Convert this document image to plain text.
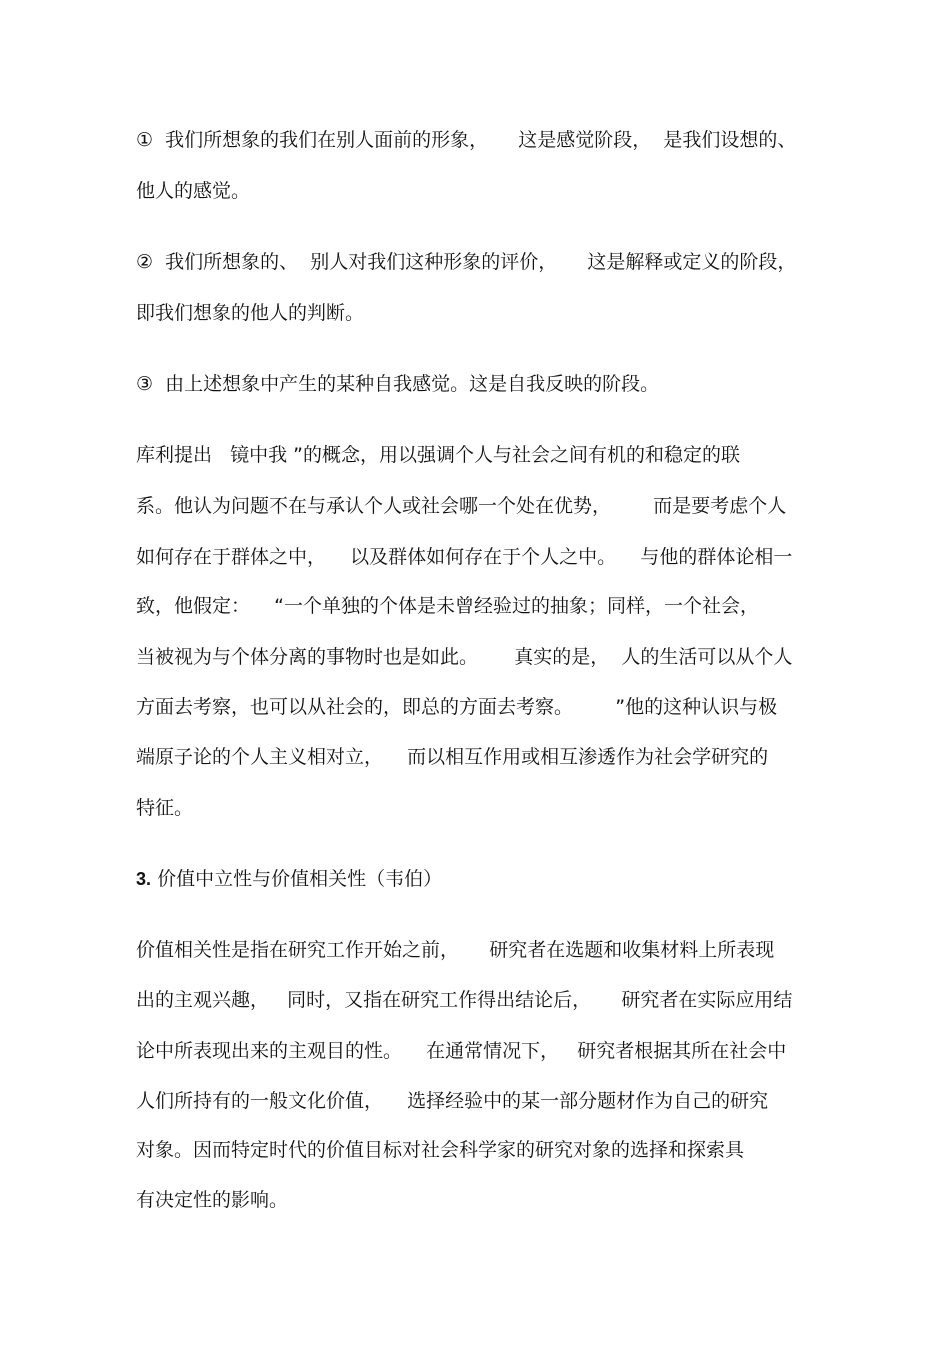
①  我们所想象的我们在别人面前的形象，     这是感觉阶段，  是我们设想的、
他人的感觉。
②  我们所想象的、  别人对我们这种形象的评价，     这是解释或定义的阶段，
即我们想象的他人的判断。
③  由上述想象中产生的某种自我感觉。这是自我反映的阶段。
库利提出   镜中我 ”的概念，用以强调个人与社会之间有机的和稳定的联
系。他认为问题不在与承认个人或社会哪一个处在优势，       而是要考虑个人
如何存在于群体之中，    以及群体如何存在于个人之中。    与他的群体论相一
致，他假定：    “一个单独的个体是未曾经验过的抽象；同样，一个社会，
当被视为与个体分离的事物时也是如此。      真实的是，  人的生活可以从个人
方面去考察，也可以从社会的，即总的方面去考察。       ”他的这种认识与极
端原子论的个人主义相对立，    而以相互作用或相互渗透作为社会学研究的
特征。
3. 价值中立性与价值相关性（韦伯）
价值相关性是指在研究工作开始之前，     研究者在选题和收集材料上所表现
出的主观兴趣，   同时，又指在研究工作得出结论后，     研究者在实际应用结
论中所表现出来的主观目的性。    在通常情况下，   研究者根据其所在社会中
人们所持有的一般文化价值，    选择经验中的某一部分题材作为自己的研究
对象。因而特定时代的价值目标对社会科学家的研究对象的选择和探索具
有决定性的影响。
